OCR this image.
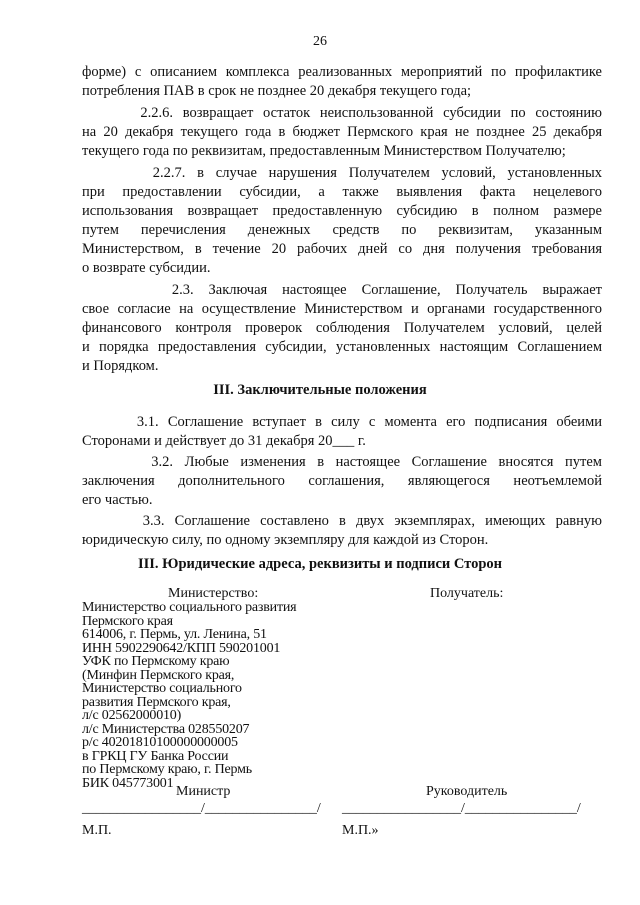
26
форме) с описанием комплекса реализованных мероприятий по профилактике
потребления ПАВ в срок не позднее 20 декабря текущего года;
2.2.6. возвращает остаток неиспользованной субсидии по состоянию
на 20 декабря текущего года в бюджет Пермского края не позднее 25 декабря
текущего года по реквизитам, предоставленным Министерством Получателю;
2.2.7. в случае нарушения Получателем условий, установленных
при предоставлении субсидии, а также выявления факта нецелевого
использования возвращает предоставленную субсидию в полном размере
путем перечисления денежных средств по реквизитам, указанным
Министерством, в течение 20 рабочих дней со дня получения требования
о возврате субсидии.
2.3. Заключая настоящее Соглашение, Получатель выражает
свое согласие на осуществление Министерством и органами государственного
финансового контроля проверок соблюдения Получателем условий, целей
и порядка предоставления субсидии, установленных настоящим Соглашением
и Порядком.
III. Заключительные положения
3.1. Соглашение вступает в силу с момента его подписания обеими
Сторонами и действует до 31 декабря 20___ г.
3.2. Любые изменения в настоящее Соглашение вносятся путем
заключения дополнительного соглашения, являющегося неотъемлемой
его частью.
3.3. Соглашение составлено в двух экземплярах, имеющих равную
юридическую силу, по одному экземпляру для каждой из Сторон.
III. Юридические адреса, реквизиты и подписи Сторон
Министерство:	Получатель:
Министерство социального развития
Пермского края
614006, г. Пермь, ул. Ленина, 51
ИНН 5902290642/КПП 590201001
УФК по Пермскому краю
(Минфин Пермского края,
Министерство социального
развития Пермского края,
л/с 02562000010)
л/с Министерства 028550207
р/с 40201810100000000005
в ГРКЦ ГУ Банка России
по Пермскому краю, г. Пермь
БИК 045773001
Министр	Руководитель
_________________/________________/ _________________/________________/
М.П.	М.П.»
